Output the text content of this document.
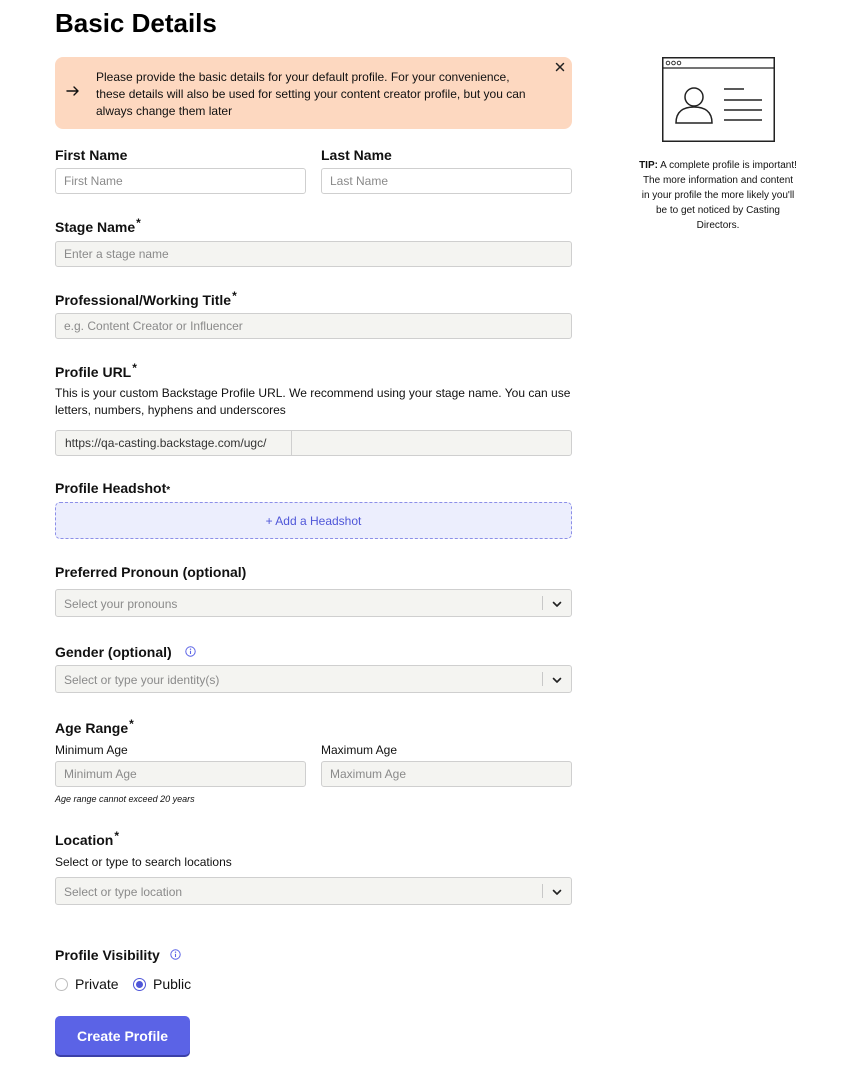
Basic Details
Please provide the basic details for your default profile. For your convenience, these details will also be used for setting your content creator profile, but you can always change them later
First Name
First Name	Last Name
Last Name
Stage Name*
Enter a stage name
Professional/Working Title*
e.g. Content Creator or Influencer
Profile URL*
This is your custom Backstage Profile URL. We recommend using your stage name. You can use letters, numbers, hyphens and underscores
https://qa-casting.backstage.com/ugc/
Profile Headshot*
+ Add a Headshot
Preferred Pronoun (optional)
Select your pronouns
Gender (optional)
Select or type your identity(s)
Age Range*
Minimum Age
Minimum Age	Maximum Age
Maximum Age
Age range cannot exceed 20 years
Location*
Select or type to search locations
Select or type location
Profile Visibility
Private Public
Create Profile
TIP: A complete profile is important! The more information and content in your profile the more likely you'll be to get noticed by Casting Directors.
